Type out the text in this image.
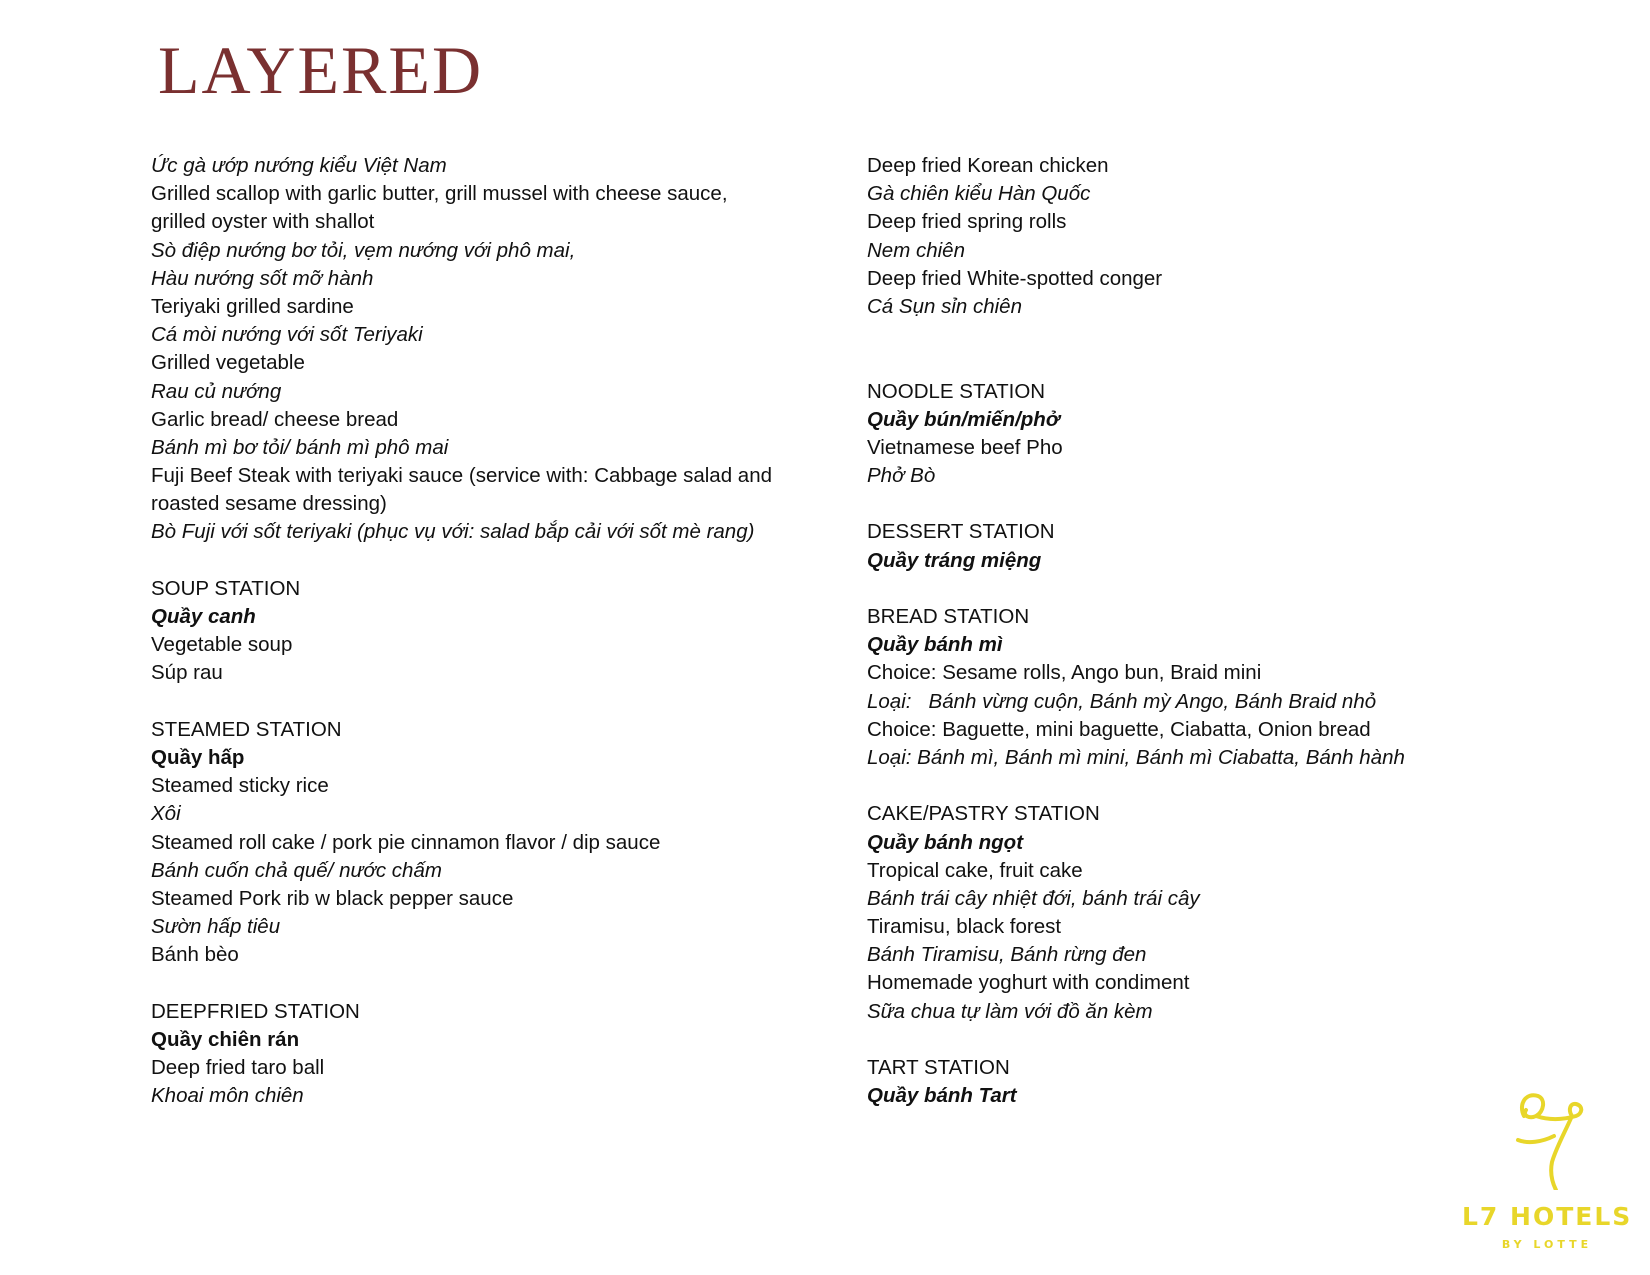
LAYERED
Ức gà ướp nướng kiểu Việt Nam
Grilled scallop with garlic butter, grill mussel with cheese sauce,
grilled oyster with shallot
Sò điệp nướng bơ tỏi, vẹm nướng với phô mai,
Hàu nướng sốt mỡ hành
Teriyaki grilled sardine
Cá mòi nướng với sốt Teriyaki
Grilled vegetable
Rau củ nướng
Garlic bread/ cheese bread
Bánh mì bơ tỏi/ bánh mì phô mai
Fuji Beef Steak with teriyaki sauce (service with: Cabbage salad and
roasted sesame dressing)
Bò Fuji với sốt teriyaki (phục vụ với: salad bắp cải với sốt mè rang)
SOUP STATION
Quầy canh
Vegetable soup
Súp rau
STEAMED STATION
Quầy hấp
Steamed sticky rice
Xôi
Steamed roll cake / pork pie cinnamon flavor / dip sauce
Bánh cuốn chả quế/ nước chấm
Steamed Pork rib w black pepper sauce
Sườn hấp tiêu
Bánh bèo
DEEPFRIED STATION
Quầy chiên rán
Deep fried taro ball
Khoai môn chiên
Deep fried Korean chicken
Gà chiên kiểu Hàn Quốc
Deep fried spring rolls
Nem chiên
Deep fried White-spotted conger
Cá Sụn sỉn chiên
NOODLE STATION
Quầy bún/miến/phở
Vietnamese beef Pho
Phở Bò
DESSERT STATION
Quầy tráng miệng
BREAD STATION
Quầy bánh mì
Choice: Sesame rolls, Ango bun, Braid mini
Loại:   Bánh vừng cuộn, Bánh mỳ Ango, Bánh Braid nhỏ
Choice: Baguette, mini baguette, Ciabatta, Onion bread
Loại: Bánh mì, Bánh mì mini, Bánh mì Ciabatta, Bánh hành
CAKE/PASTRY STATION
Quầy bánh ngọt
Tropical cake, fruit cake
Bánh trái cây nhiệt đới, bánh trái cây
Tiramisu, black forest
Bánh Tiramisu, Bánh rừng đen
Homemade yoghurt with condiment
Sữa chua tự làm với đồ ăn kèm
TART STATION
Quầy bánh Tart
L7 HOTELS
BY LOTTE
